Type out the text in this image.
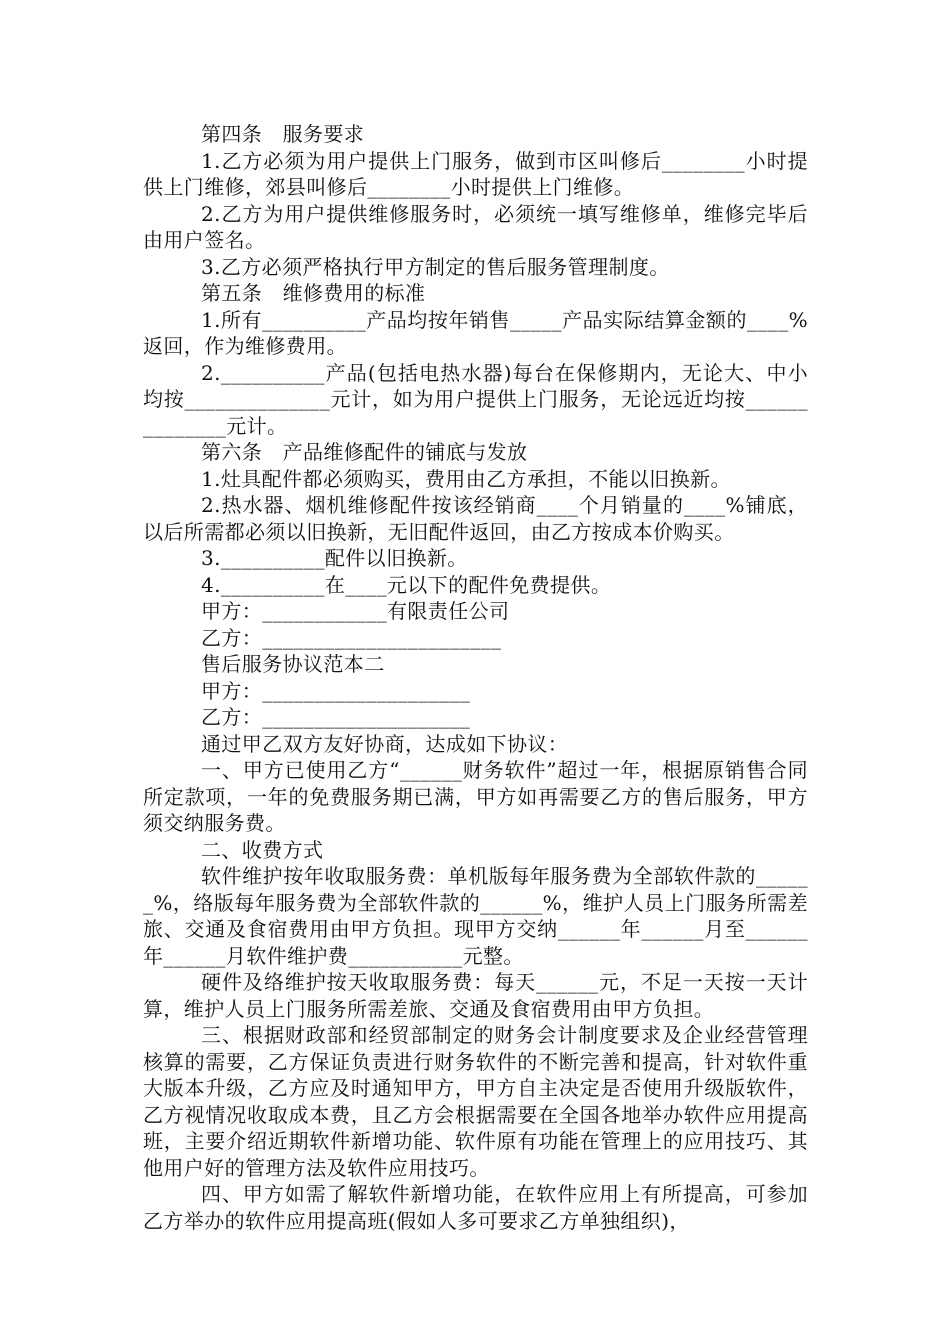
第四条　服务要求

1.乙方必须为用户提供上门服务，做到市区叫修后________小时提供上门维修，郊县叫修后________小时提供上门维修。

2.乙方为用户提供维修服务时，必须统一填写维修单，维修完毕后由用户签名。

3.乙方必须严格执行甲方制定的售后服务管理制度。

第五条　维修费用的标准

1.所有__________产品均按年销售_____产品实际结算金额的____%返回，作为维修费用。

2.__________产品(包括电热水器)每台在保修期内，无论大、中小均按______________元计，如为用户提供上门服务，无论远近均按______________元计。

第六条　产品维修配件的铺底与发放

1.灶具配件都必须购买，费用由乙方承担，不能以旧换新。

2.热水器、烟机维修配件按该经销商____个月销量的____%铺底，以后所需都必须以旧换新，无旧配件返回，由乙方按成本价购买。

3.__________配件以旧换新。

4.__________在____元以下的配件免费提供。

甲方：____________有限责任公司

乙方：_______________________

售后服务协议范本二

甲方：____________________

乙方：____________________

通过甲乙双方友好协商，达成如下协议：

一、甲方已使用乙方“______财务软件”超过一年，根据原销售合同所定款项，一年的免费服务期已满，甲方如再需要乙方的售后服务，甲方须交纳服务费。

二、收费方式

软件维护按年收取服务费：单机版每年服务费为全部软件款的______%，络版每年服务费为全部软件款的______%，维护人员上门服务所需差旅、交通及食宿费用由甲方负担。现甲方交纳______年______月至______年______月软件维护费___________元整。

硬件及络维护按天收取服务费：每天______元，不足一天按一天计算，维护人员上门服务所需差旅、交通及食宿费用由甲方负担。

三、根据财政部和经贸部制定的财务会计制度要求及企业经营管理核算的需要，乙方保证负责进行财务软件的不断完善和提高，针对软件重大版本升级，乙方应及时通知甲方，甲方自主决定是否使用升级版软件，乙方视情况收取成本费，且乙方会根据需要在全国各地举办软件应用提高班，主要介绍近期软件新增功能、软件原有功能在管理上的应用技巧、其他用户好的管理方法及软件应用技巧。

四、甲方如需了解软件新增功能，在软件应用上有所提高，可参加乙方举办的软件应用提高班(假如人多可要求乙方单独组织)，
